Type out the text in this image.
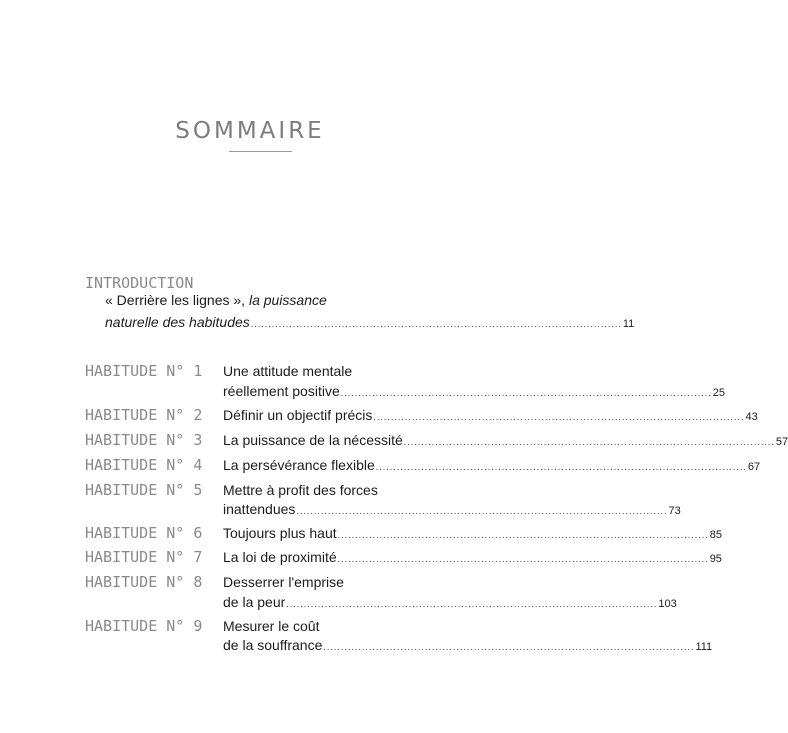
SOMMAIRE
INTRODUCTION
« Derrière les lignes », la puissance
naturelle des habitudes .......................................................................................................... 11
HABITUDE N° 1 Une attitude mentale
réellement positive .......................................................................................................... 25
HABITUDE N° 2 Définir un objectif précis .......................................................................................................... 43
HABITUDE N° 3 La puissance de la nécessité .......................................................................................................... 57
HABITUDE N° 4 La persévérance flexible .......................................................................................................... 67
HABITUDE N° 5 Mettre à profit des forces
inattendues .......................................................................................................... 73
HABITUDE N° 6 Toujours plus haut .......................................................................................................... 85
HABITUDE N° 7 La loi de proximité .......................................................................................................... 95
HABITUDE N° 8 Desserrer l'emprise
de la peur .......................................................................................................... 103
HABITUDE N° 9 Mesurer le coût
de la souffrance .......................................................................................................... 111
